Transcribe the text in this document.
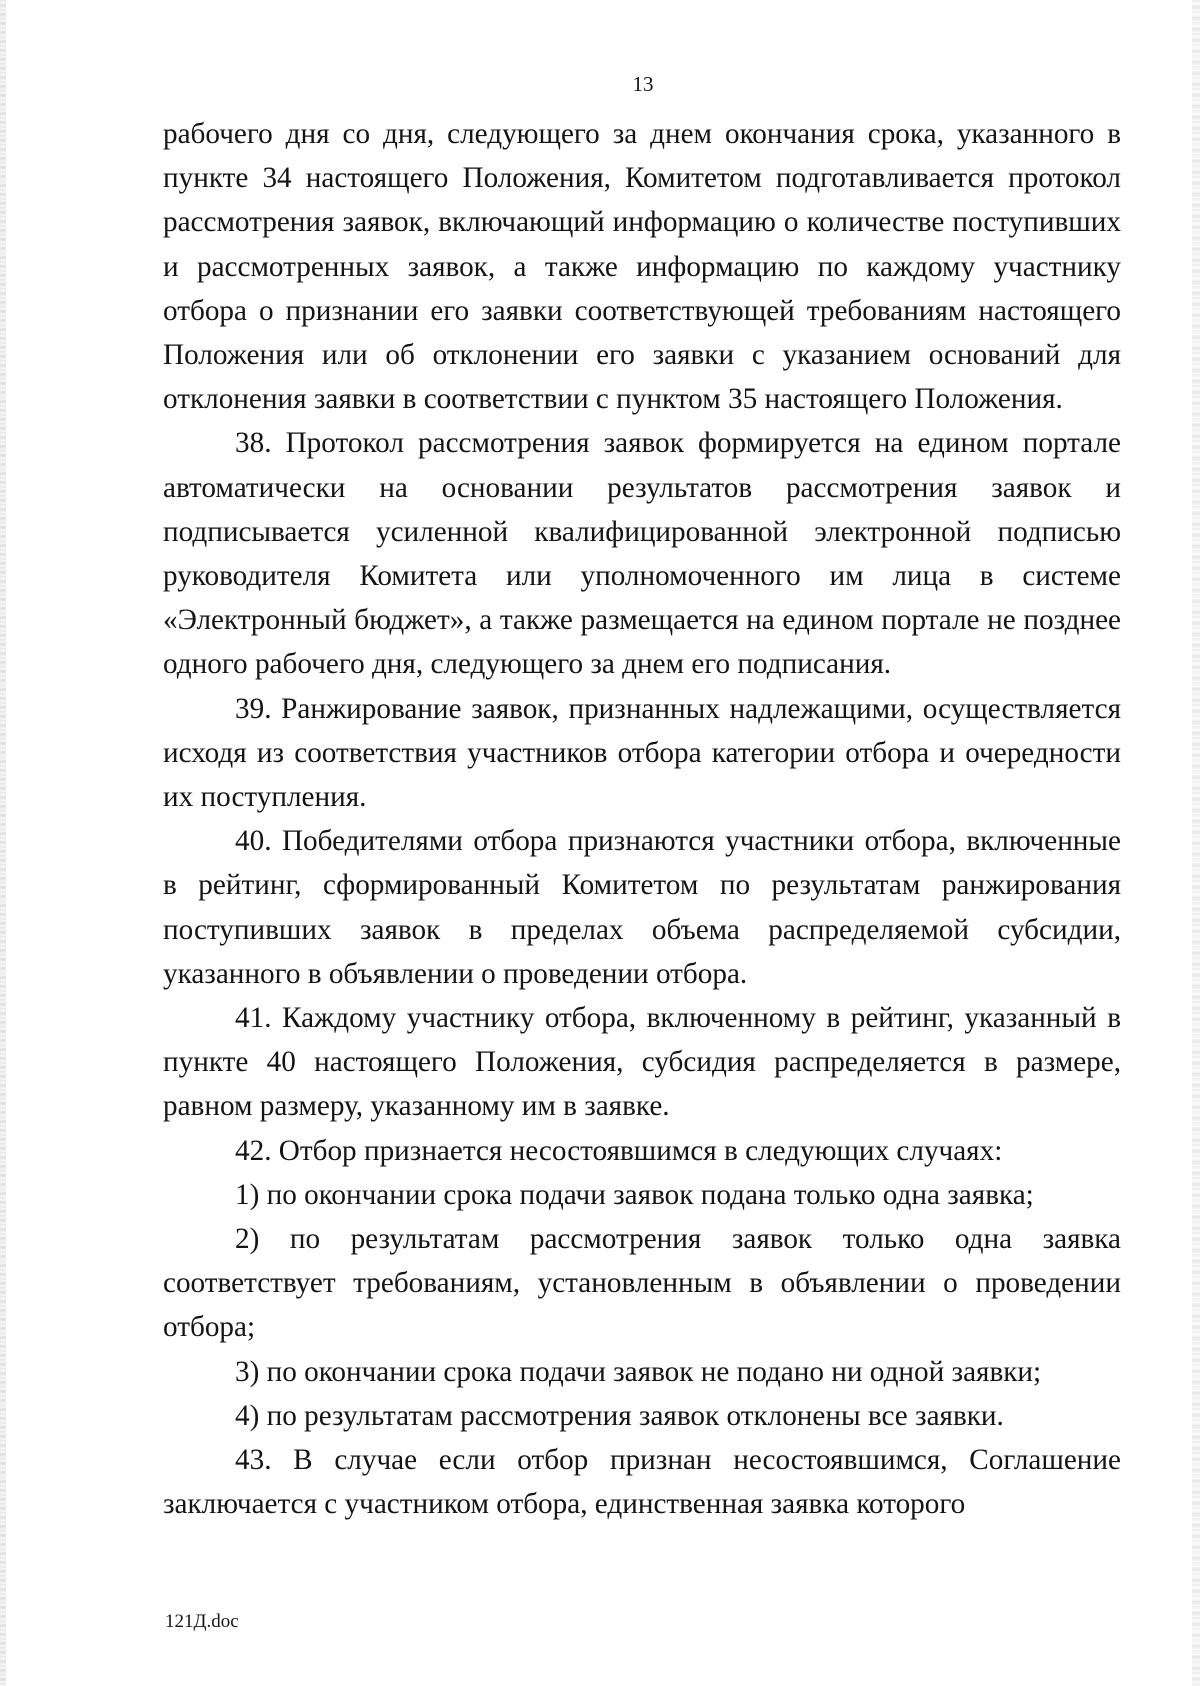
13

рабочего дня со дня, следующего за днем окончания срока, указанного в пункте 34 настоящего Положения, Комитетом подготавливается протокол рассмотрения заявок, включающий информацию о количестве поступивших и рассмотренных заявок, а также информацию по каждому участнику отбора о признании его заявки соответствующей требованиям настоящего Положения или об отклонении его заявки с указанием оснований для отклонения заявки в соответствии с пунктом 35 настоящего Положения.

38. Протокол рассмотрения заявок формируется на едином портале автоматически на основании результатов рассмотрения заявок и подписывается усиленной квалифицированной электронной подписью руководителя Комитета или уполномоченного им лица в системе «Электронный бюджет», а также размещается на едином портале не позднее одного рабочего дня, следующего за днем его подписания.

39. Ранжирование заявок, признанных надлежащими, осуществляется исходя из соответствия участников отбора категории отбора и очередности их поступления.

40. Победителями отбора признаются участники отбора, включенные в рейтинг, сформированный Комитетом по результатам ранжирования поступивших заявок в пределах объема распределяемой субсидии, указанного в объявлении о проведении отбора.

41. Каждому участнику отбора, включенному в рейтинг, указанный в пункте 40 настоящего Положения, субсидия распределяется в размере, равном размеру, указанному им в заявке.

42. Отбор признается несостоявшимся в следующих случаях:

1) по окончании срока подачи заявок подана только одна заявка;

2) по результатам рассмотрения заявок только одна заявка соответствует требованиям, установленным в объявлении о проведении отбора;

3) по окончании срока подачи заявок не подано ни одной заявки;

4) по результатам рассмотрения заявок отклонены все заявки.

43. В случае если отбор признан несостоявшимся, Соглашение заключается с участником отбора, единственная заявка которого

121Д.doc
